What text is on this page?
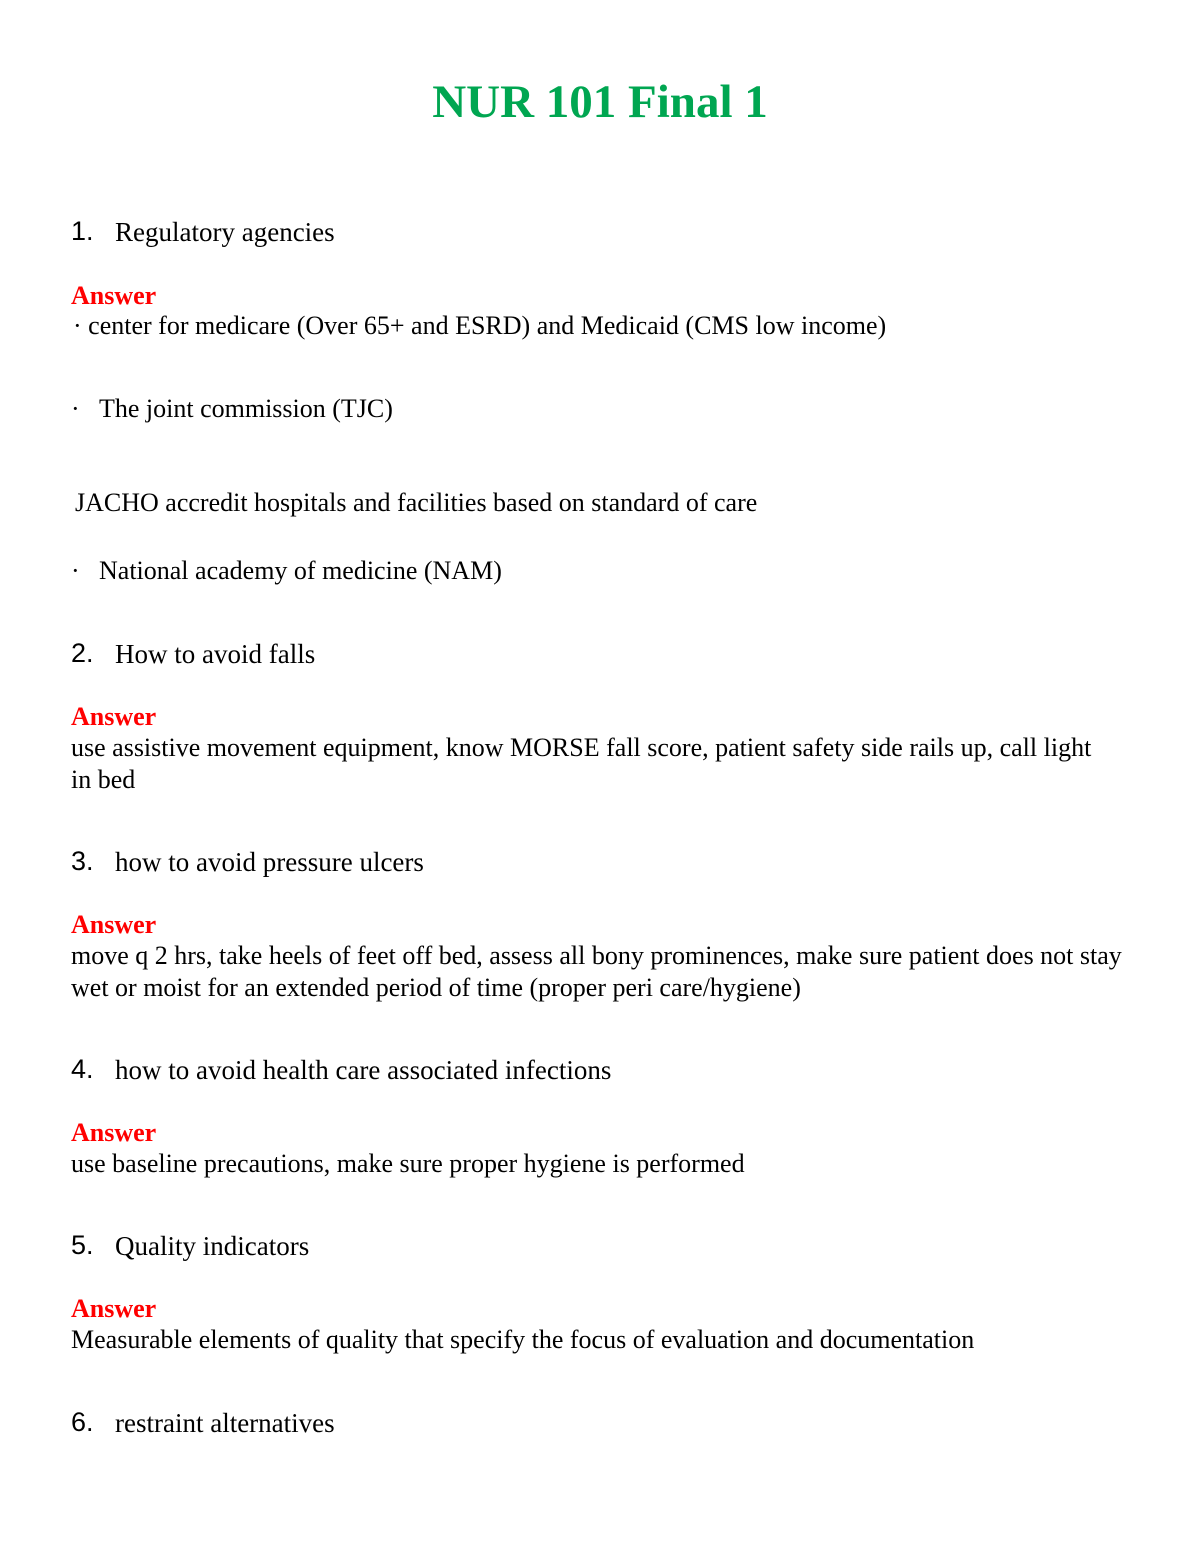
NUR 101 Final 1
1. Regulatory agencies
Answer
· center for medicare (Over 65+ and ESRD) and Medicaid (CMS low income)
· The joint commission (TJC)
JACHO accredit hospitals and facilities based on standard of care
· National academy of medicine (NAM)
2. How to avoid falls
Answer
use assistive movement equipment, know MORSE fall score, patient safety side rails up, call light in bed
3. how to avoid pressure ulcers
Answer
move q 2 hrs, take heels of feet off bed, assess all bony prominences, make sure patient does not stay wet or moist for an extended period of time (proper peri care/hygiene)
4. how to avoid health care associated infections
Answer
use baseline precautions, make sure proper hygiene is performed
5. Quality indicators
Answer
Measurable elements of quality that specify the focus of evaluation and documentation
6. restraint alternatives
